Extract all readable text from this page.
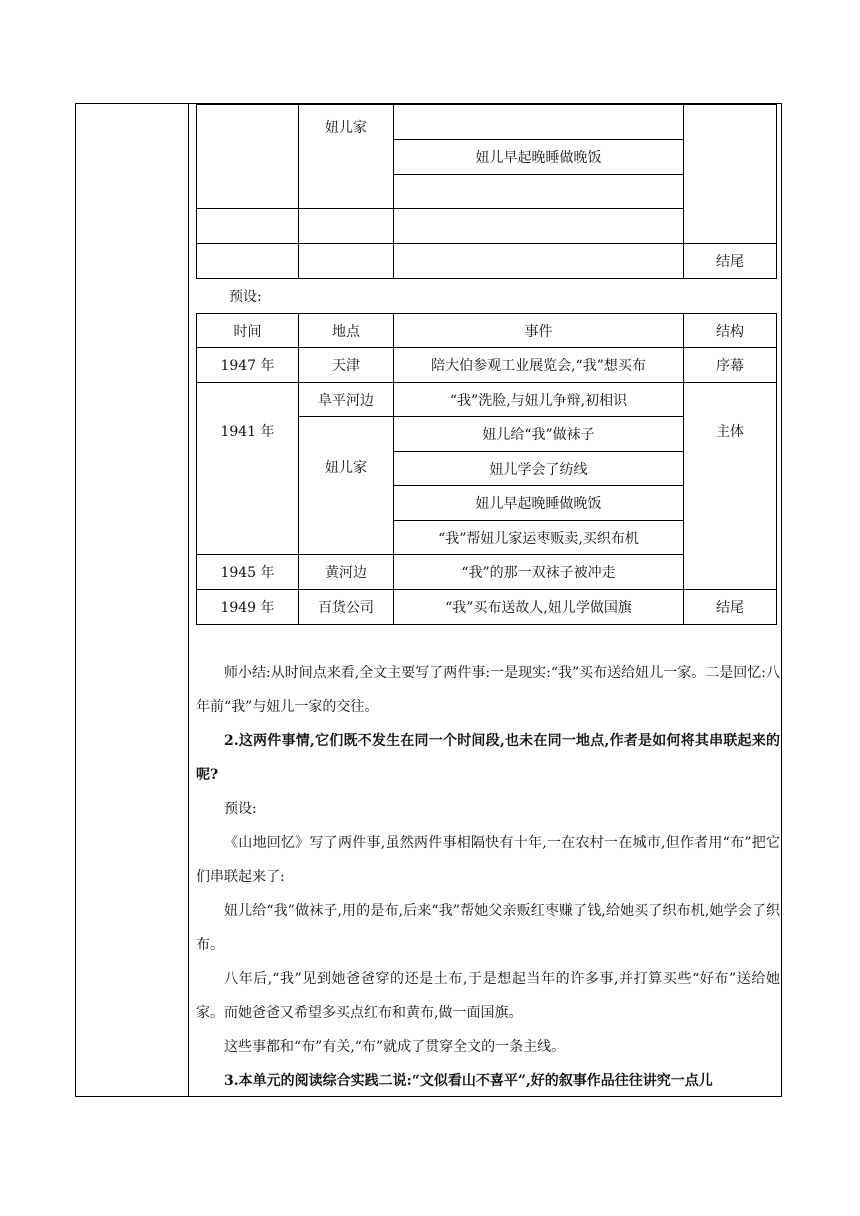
	妞儿家		
		妞儿早起晚睡做晚饭	

			结尾
预设:
时间	地点	事件	结构
1947 年	天津	陪大伯参观工业展览会,“我”想买布	序幕
1941 年	阜平河边	“我”洗脸,与妞儿争辩,初相识	主体
	妞儿家	妞儿给“我”做袜子	
		妞儿学会了纺线	
		妞儿早起晚睡做晚饭	
		“我”帮妞儿家运枣贩卖,买织布机	

1945 年	黄河边	“我”的那一双袜子被冲走	
1949 年	百货公司	“我”买布送故人,妞儿学做国旗	结尾

师小结:从时间点来看,全文主要写了两件事:一是现实:“我”买布送给妞儿一家。二是回忆:八年前“我”与妞儿一家的交往。

2.这两件事情,它们既不发生在同一个时间段,也未在同一地点,作者是如何将其串联起来的呢?

预设:

《山地回忆》写了两件事,虽然两件事相隔快有十年,一在农村一在城市,但作者用“布”把它们串联起来了:

妞儿给“我”做袜子,用的是布,后来“我”帮她父亲贩红枣赚了钱,给她买了织布机,她学会了织布。

八年后,“我”见到她爸爸穿的还是土布,于是想起当年的许多事,并打算买些“好布”送给她家。而她爸爸又希望多买点红布和黄布,做一面国旗。

这些事都和“布”有关,“布”就成了贯穿全文的一条主线。

3.本单元的阅读综合实践二说:“文似看山不喜平”,好的叙事作品往往讲究一点儿
